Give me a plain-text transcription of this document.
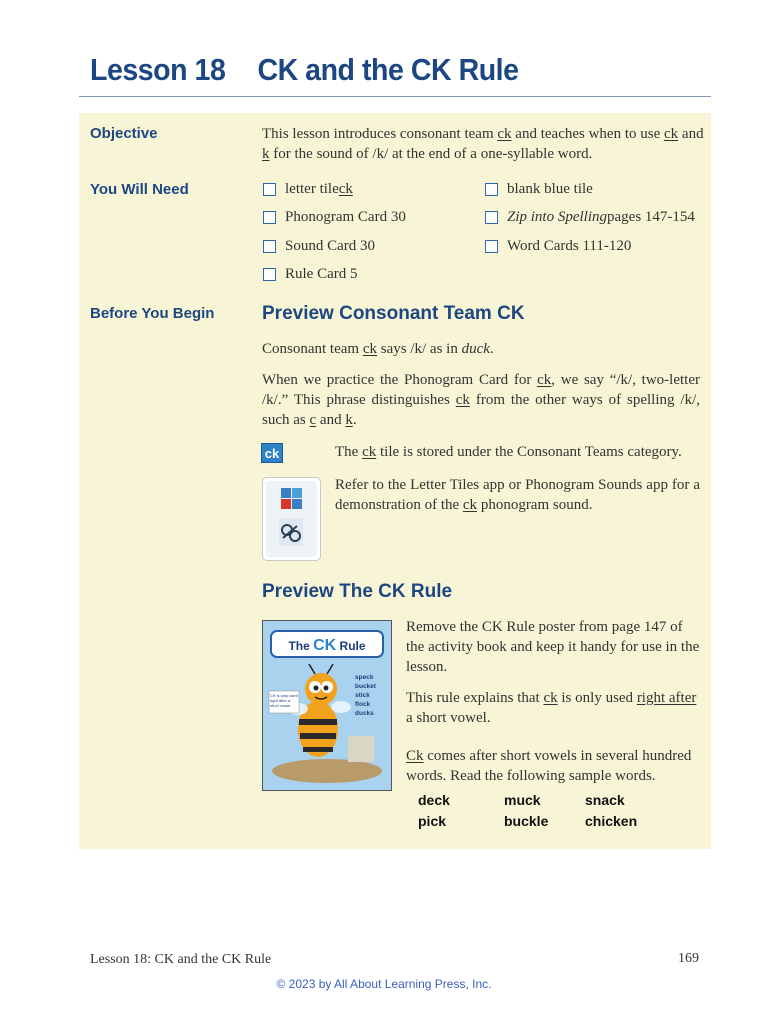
Lesson 18 CK and the CK Rule
Objective	This lesson introduces consonant team ck and teaches when to use ck and k for the sound of /k/ at the end of a one-syllable word.
You Will Need	letter tile ck	blank blue tile
Phonogram Card 30	Zip into Spelling pages 147-154
Sound Card 30	Word Cards 111-120
Rule Card 5
Before You Begin	Preview Consonant Team CK
Consonant team ck says /k/ as in duck.
When we practice the Phonogram Card for ck, we say “/k/, two-letter /k/.” This phrase distinguishes ck from the other ways of spelling /k/, such as c and k.
ck	The ck tile is stored under the Consonant Teams category.
Refer to the Letter Tiles app or Phonogram Sounds app for a demonstration of the ck phonogram sound.
Preview The CK Rule
The CK Rule
speck
bucket
stick
flock
ducks
CK is only used right after a short vowel.
Remove the CK Rule poster from page 147 of the activity book and keep it handy for use in the lesson.
This rule explains that ck is only used right after a short vowel.
Ck comes after short vowels in several hundred words. Read the following sample words.
deck	muck	snack
pick	buckle	chicken
Lesson 18: CK and the CK Rule	169
© 2023 by All About Learning Press, Inc.
